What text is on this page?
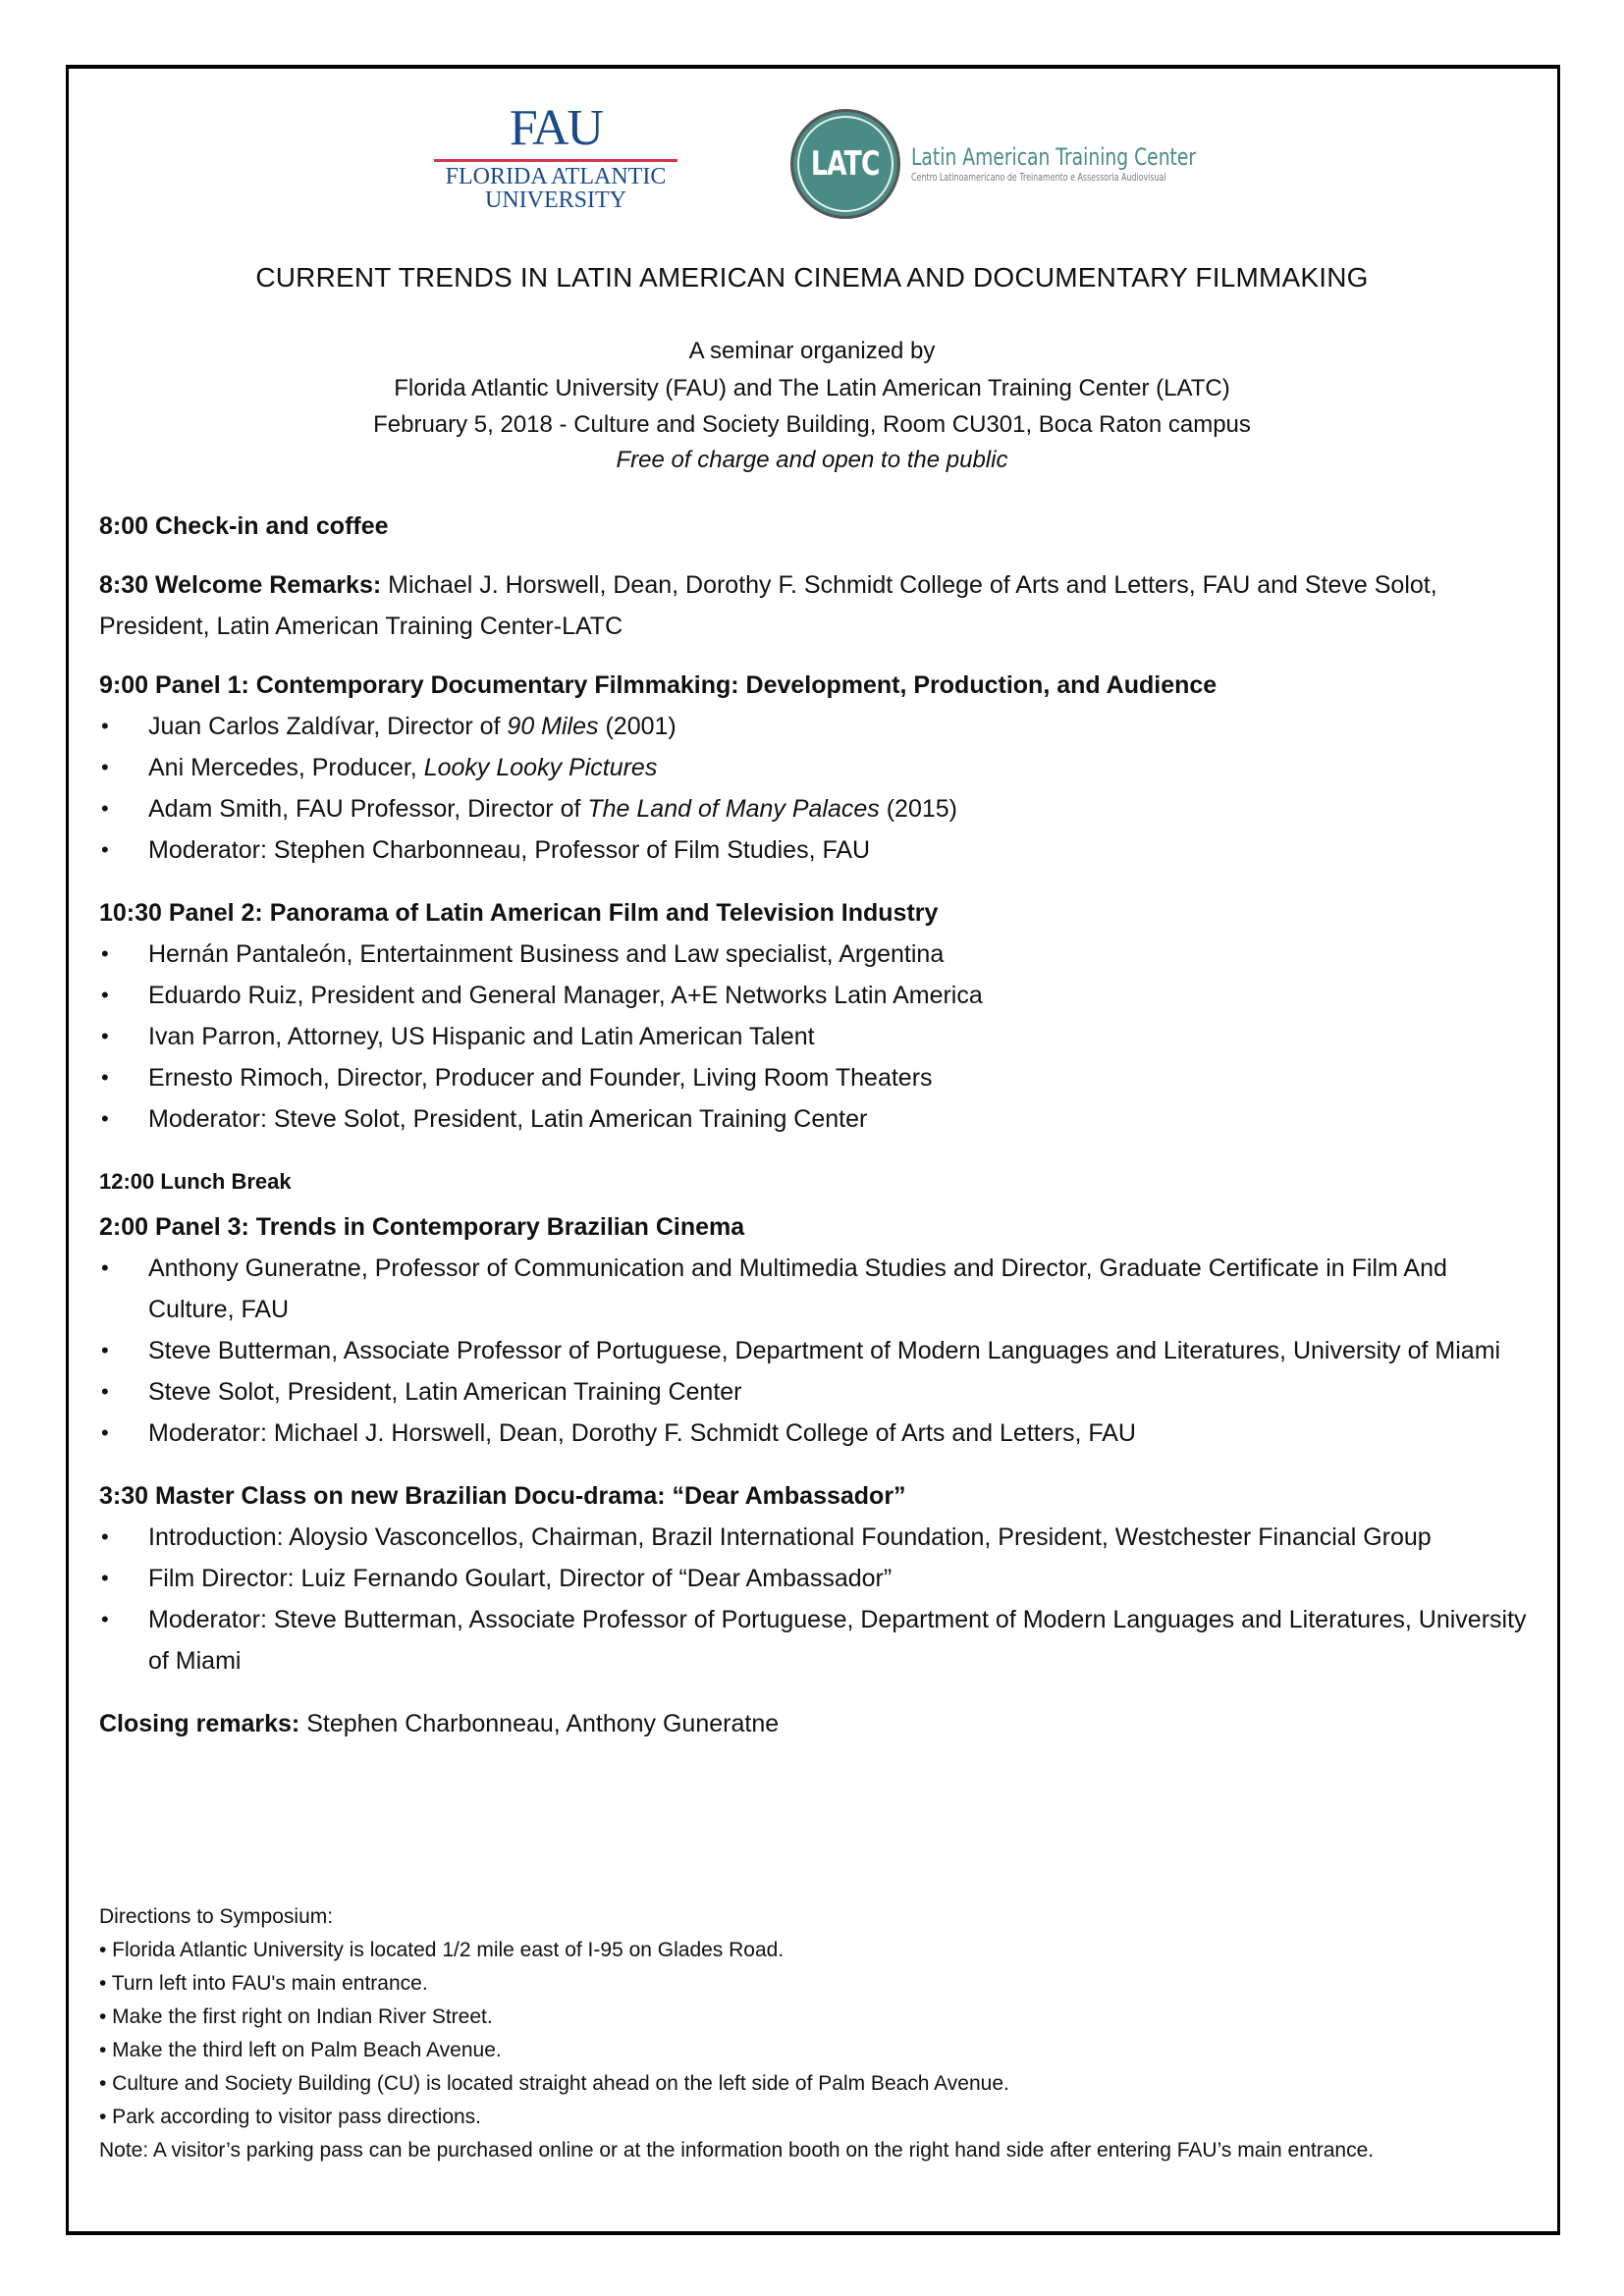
FAU
FLORIDA ATLANTIC
UNIVERSITY
LATC Latin American Training Center
Centro Latinoamericano de Treinamento e Assessoria Audiovisual
CURRENT TRENDS IN LATIN AMERICAN CINEMA AND DOCUMENTARY FILMMAKING
A seminar organized by
Florida Atlantic University (FAU) and The Latin American Training Center (LATC)
February 5, 2018 - Culture and Society Building, Room CU301, Boca Raton campus
Free of charge and open to the public

8:00 Check-in and coffee

8:30 Welcome Remarks: Michael J. Horswell, Dean, Dorothy F. Schmidt College of Arts and Letters, FAU and Steve Solot, President, Latin American Training Center-LATC

9:00 Panel 1: Contemporary Documentary Filmmaking: Development, Production, and Audience

• Juan Carlos Zaldívar, Director of 90 Miles (2001)
• Ani Mercedes, Producer, Looky Looky Pictures
• Adam Smith, FAU Professor, Director of The Land of Many Palaces (2015)
• Moderator: Stephen Charbonneau, Professor of Film Studies, FAU

10:30 Panel 2: Panorama of Latin American Film and Television Industry

• Hernán Pantaleón, Entertainment Business and Law specialist, Argentina
• Eduardo Ruiz, President and General Manager, A+E Networks Latin America
• Ivan Parron, Attorney, US Hispanic and Latin American Talent
• Ernesto Rimoch, Director, Producer and Founder, Living Room Theaters
• Moderator: Steve Solot, President, Latin American Training Center

12:00 Lunch Break

2:00 Panel 3: Trends in Contemporary Brazilian Cinema

• Anthony Guneratne, Professor of Communication and Multimedia Studies and Director, Graduate Certificate in Film And Culture, FAU
• Steve Butterman, Associate Professor of Portuguese, Department of Modern Languages and Literatures, University of Miami
• Steve Solot, President, Latin American Training Center
• Moderator: Michael J. Horswell, Dean, Dorothy F. Schmidt College of Arts and Letters, FAU

3:30 Master Class on new Brazilian Docu-drama: “Dear Ambassador”

• Introduction: Aloysio Vasconcellos, Chairman, Brazil International Foundation, President, Westchester Financial Group
• Film Director: Luiz Fernando Goulart, Director of “Dear Ambassador”
• Moderator: Steve Butterman, Associate Professor of Portuguese, Department of Modern Languages and Literatures, University of Miami

Closing remarks: Stephen Charbonneau, Anthony Guneratne

Directions to Symposium:
• Florida Atlantic University is located 1/2 mile east of I-95 on Glades Road.
• Turn left into FAU's main entrance.
• Make the first right on Indian River Street.
• Make the third left on Palm Beach Avenue.
• Culture and Society Building (CU) is located straight ahead on the left side of Palm Beach Avenue.
• Park according to visitor pass directions.
Note: A visitor’s parking pass can be purchased online or at the information booth on the right hand side after entering FAU’s main entrance.
